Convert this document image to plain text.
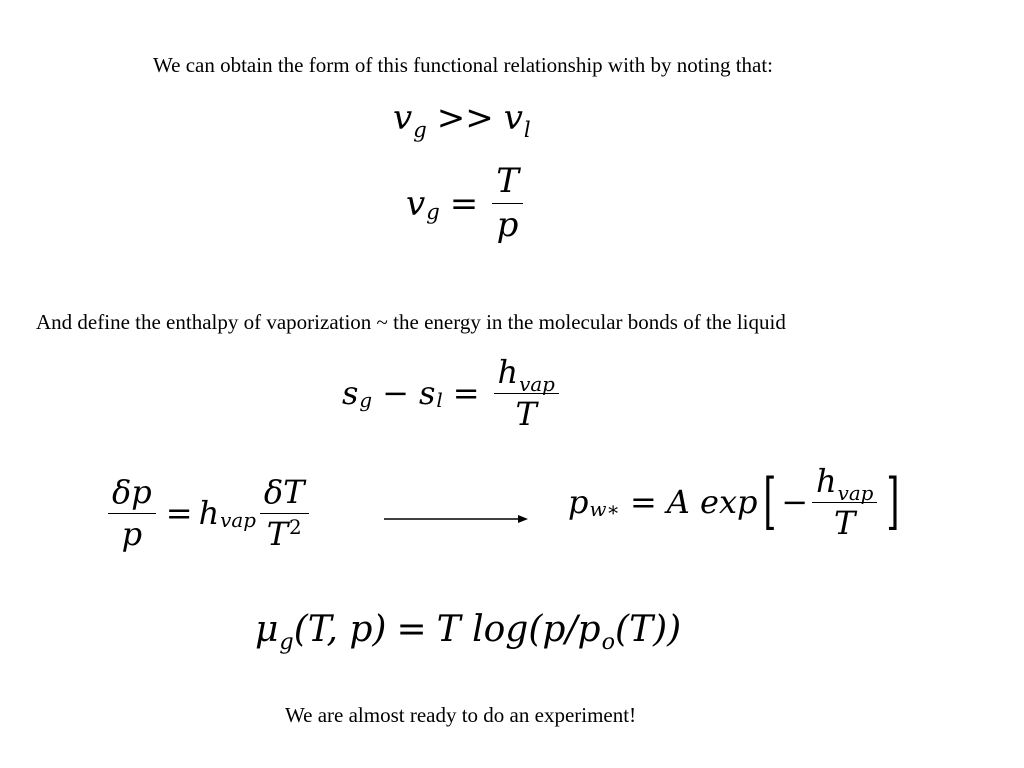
We can obtain the form of this functional relationship with by noting that:
$v_g >> v_l$
v $g = \frac{T}{p}$
And define the enthalpy of vaporization ~ the energy in the molecular bonds of the liquid
s g − s $l = \frac{h_{vap}}{T}$
$\frac{\delta p}{p} = h$ vap $\frac{\delta T}{T^2}$	p w∗ = A
exp [ − $\frac{h_{vap}}{T}$ ]
$\mu_g(T$, p) = T $\log(p/p_o(T))$
We are almost ready to do an experiment!
